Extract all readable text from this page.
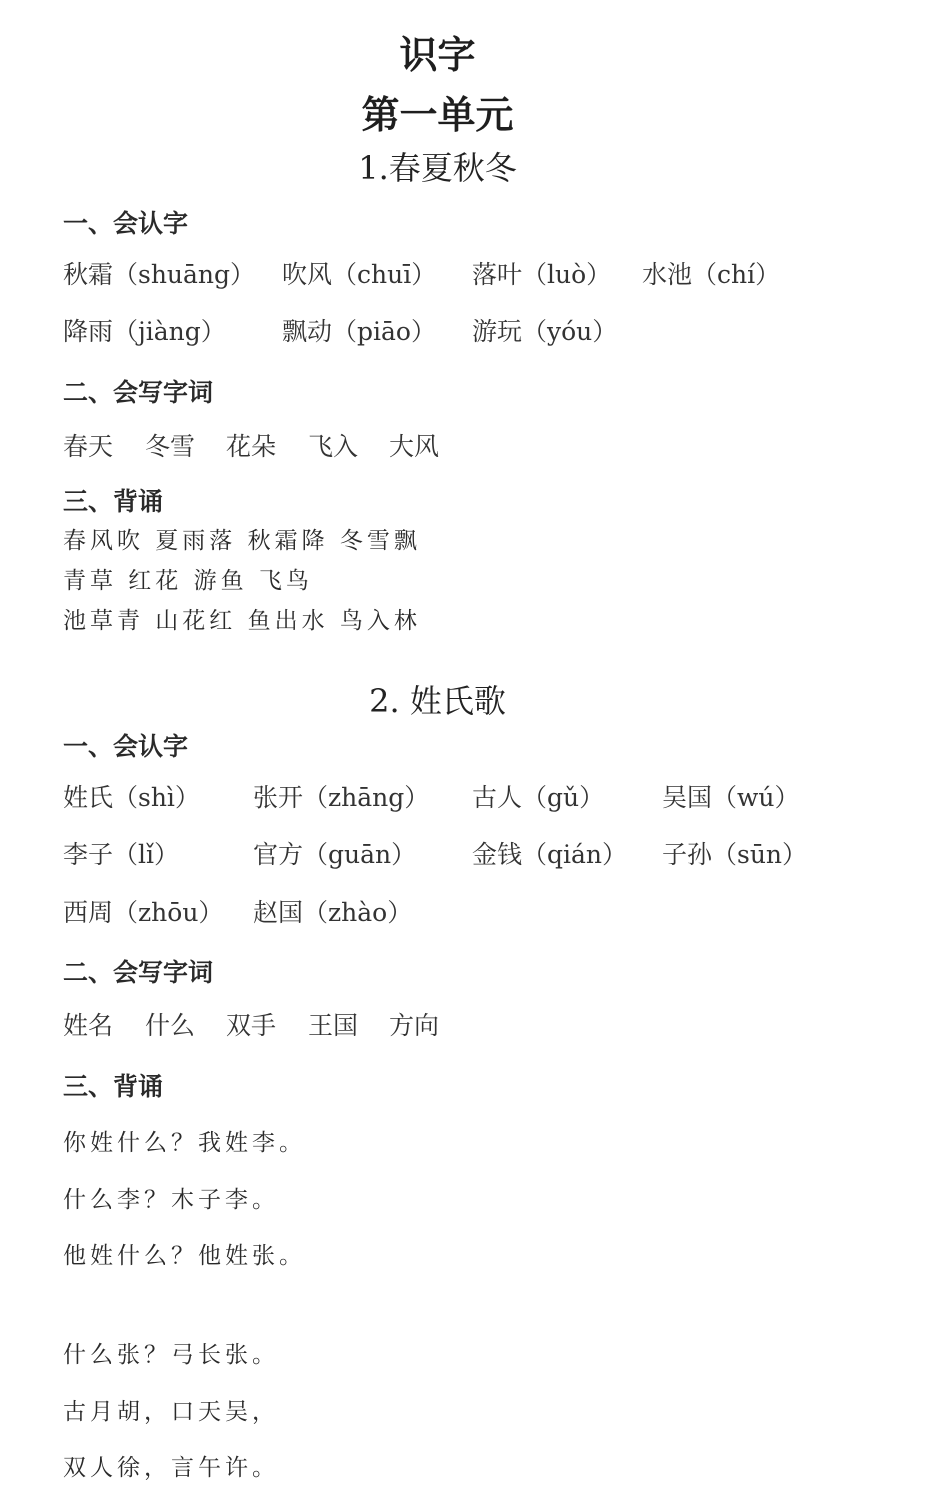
识字
第一单元
1.春夏秋冬
一、会认字
秋霜（shuāng） 吹风（chuī） 落叶（luò） 水池（chí）
降雨（jiàng） 飘动（piāo） 游玩（yóu）
二、会写字词
春天 冬雪 花朵 飞入 大风
三、背诵
春风吹 夏雨落 秋霜降 冬雪飘
青草 红花 游鱼 飞鸟
池草青 山花红 鱼出水 鸟入林
2. 姓氏歌
一、会认字
姓氏（shì） 张开（zhāng） 古人（gǔ） 吴国（wú）
李子（lǐ）	官方（guān） 金钱（qián） 子孙（sūn）
西周（zhōu） 赵国（zhào）
二、会写字词
姓名 什么 双手 王国 方向
三、背诵
你姓什么？我姓李。
什么李？木子李。
他姓什么？他姓张。
什么张？弓长张。
古月胡，口天吴，
双人徐，言午许。
